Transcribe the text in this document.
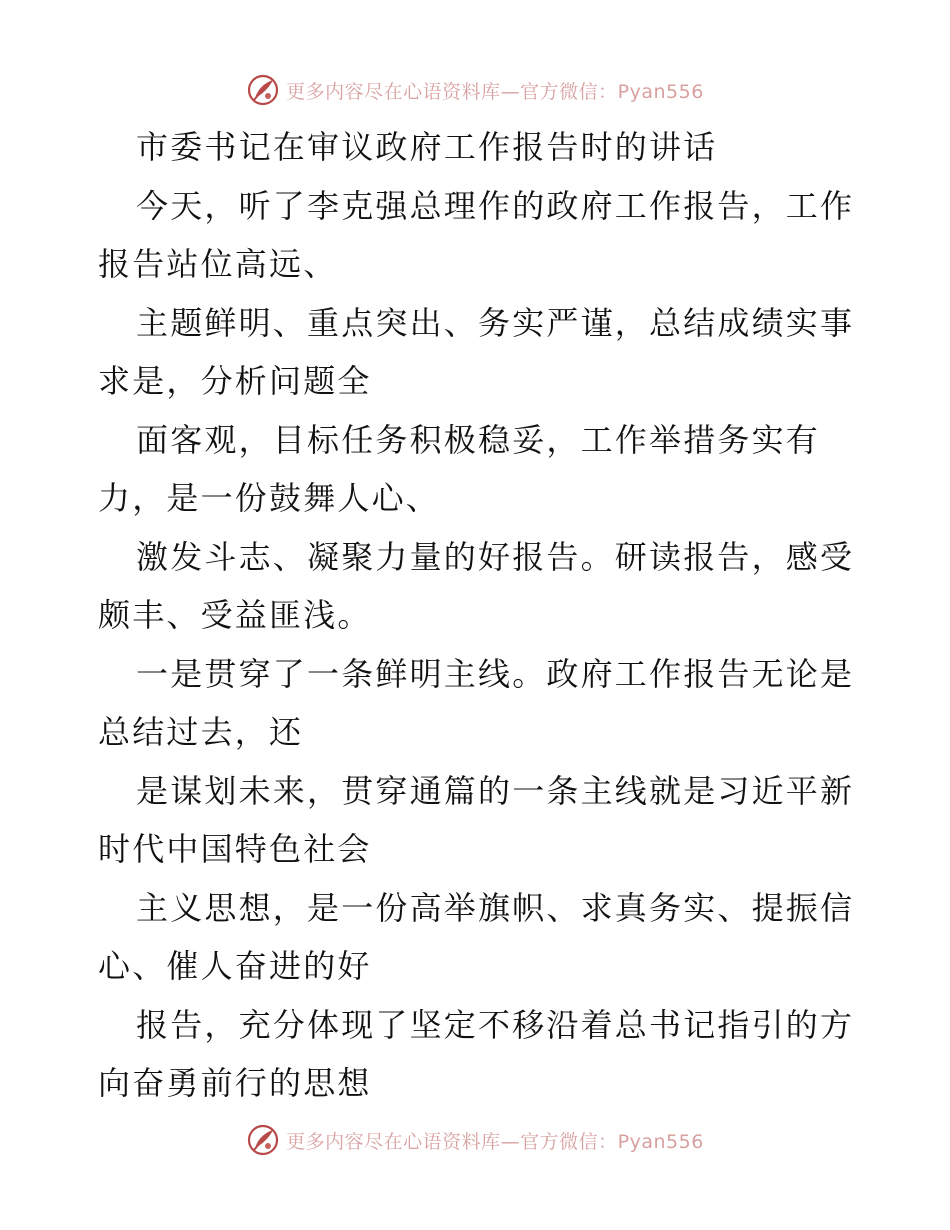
更多内容尽在心语资料库—官方微信：Pyan556
市委书记在审议政府工作报告时的讲话
今天，听了李克强总理作的政府工作报告，工作
报告站位高远、
主题鲜明、重点突出、务实严谨，总结成绩实事
求是，分析问题全
面客观，目标任务积极稳妥，工作举措务实有
力，是一份鼓舞人心、
激发斗志、凝聚力量的好报告。研读报告，感受
颇丰、受益匪浅。
一是贯穿了一条鲜明主线。政府工作报告无论是
总结过去，还
是谋划未来，贯穿通篇的一条主线就是习近平新
时代中国特色社会
主义思想，是一份高举旗帜、求真务实、提振信
心、催人奋进的好
报告，充分体现了坚定不移沿着总书记指引的方
向奋勇前行的思想
更多内容尽在心语资料库—官方微信：Pyan556
